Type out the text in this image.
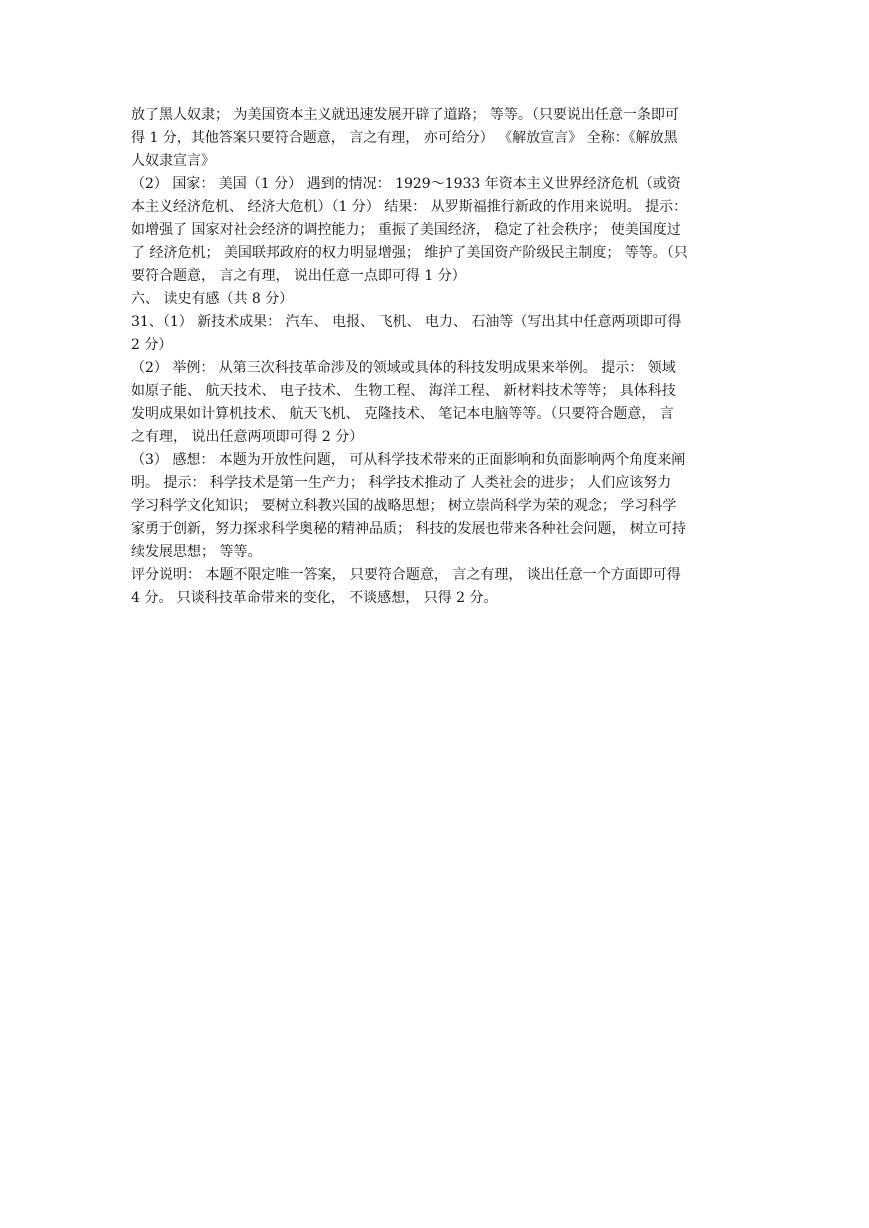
放了黑人奴隶； 为美国资本主义就迅速发展开辟了道路； 等等。（只要说出任意一条即可
得 1 分，其他答案只要符合题意， 言之有理， 亦可给分） 《解放宣言》 全称：《解放黑
人奴隶宣言》
（2） 国家： 美国（1 分） 遇到的情况： 1929～1933 年资本主义世界经济危机（或资
本主义经济危机、 经济大危机）（1 分） 结果： 从罗斯福推行新政的作用来说明。 提示：
如增强了 国家对社会经济的调控能力； 重振了美国经济， 稳定了社会秩序； 使美国度过
了 经济危机； 美国联邦政府的权力明显增强； 维护了美国资产阶级民主制度； 等等。（只
要符合题意， 言之有理， 说出任意一点即可得 1 分）
六、 读史有感（共 8 分）
31、（1） 新技术成果： 汽车、 电报、 飞机、 电力、 石油等（写出其中任意两项即可得
2 分）
（2） 举例： 从第三次科技革命涉及的领域或具体的科技发明成果来举例。 提示： 领域
如原子能、 航天技术、 电子技术、 生物工程、 海洋工程、 新材料技术等等； 具体科技
发明成果如计算机技术、 航天飞机、 克隆技术、 笔记本电脑等等。（只要符合题意， 言
之有理， 说出任意两项即可得 2 分）
（3） 感想： 本题为开放性问题， 可从科学技术带来的正面影响和负面影响两个角度来阐
明。 提示： 科学技术是第一生产力； 科学技术推动了 人类社会的进步； 人们应该努力
学习科学文化知识； 要树立科教兴国的战略思想； 树立崇尚科学为荣的观念； 学习科学
家勇于创新，努力探求科学奥秘的精神品质； 科技的发展也带来各种社会问题， 树立可持
续发展思想； 等等。
评分说明： 本题不限定唯一答案， 只要符合题意， 言之有理， 谈出任意一个方面即可得
4 分。 只谈科技革命带来的变化， 不谈感想， 只得 2 分。
